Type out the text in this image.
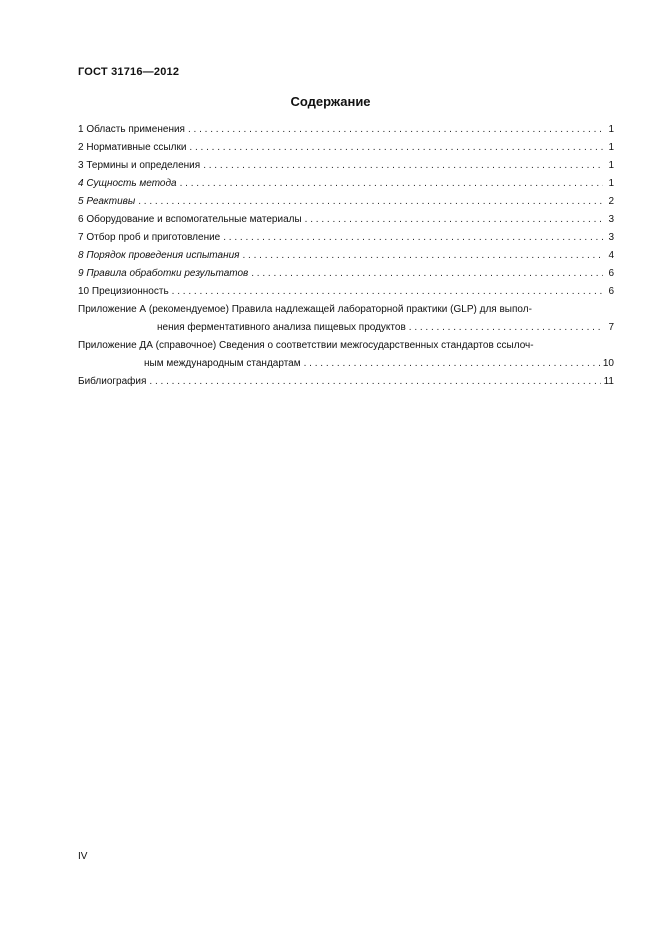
ГОСТ 31716—2012
Содержание
1 Область применения . . .	1
2 Нормативные ссылки . . .	1
3 Термины и определения . . .	1
4 Сущность метода . . .	1
5 Реактивы . . .	2
6 Оборудование и вспомогательные материалы . . .	3
7 Отбор проб и приготовление . . .	3
8 Порядок проведения испытания . . .	4
9 Правила обработки результатов . . .	6
10 Прецизионность . . .	6
Приложение А (рекомендуемое) Правила надлежащей лабораторной практики (GLP) для выпол-
нения ферментативного анализа пищевых продуктов . . .	7
Приложение ДА (справочное) Сведения о соответствии межгосударственных стандартов ссылоч-
ным международным стандартам . . .	10
Библиография . . .	11
IV
